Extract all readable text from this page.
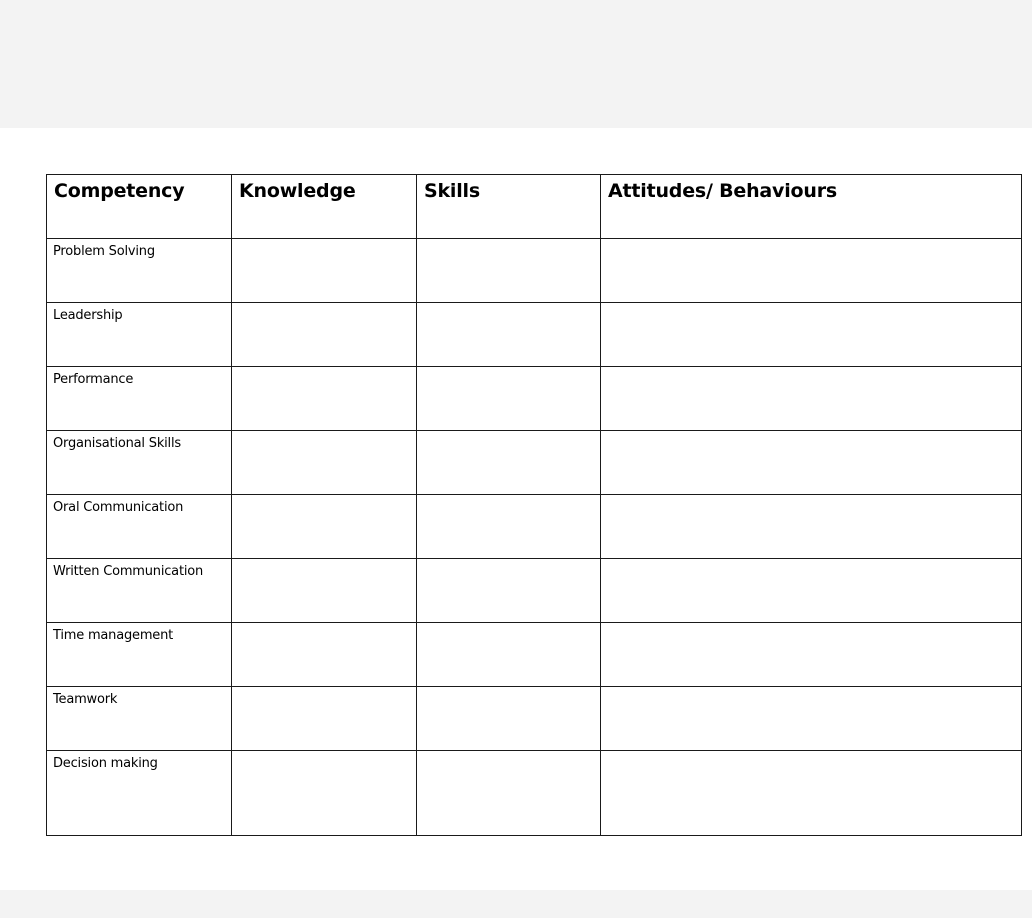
Competency	Knowledge	Skills	Attitudes/ Behaviours

Problem Solving			

Leadership			

Performance			

Organisational Skills			

Oral Communication			

Written Communication			

Time management			

Teamwork			

Decision making			
